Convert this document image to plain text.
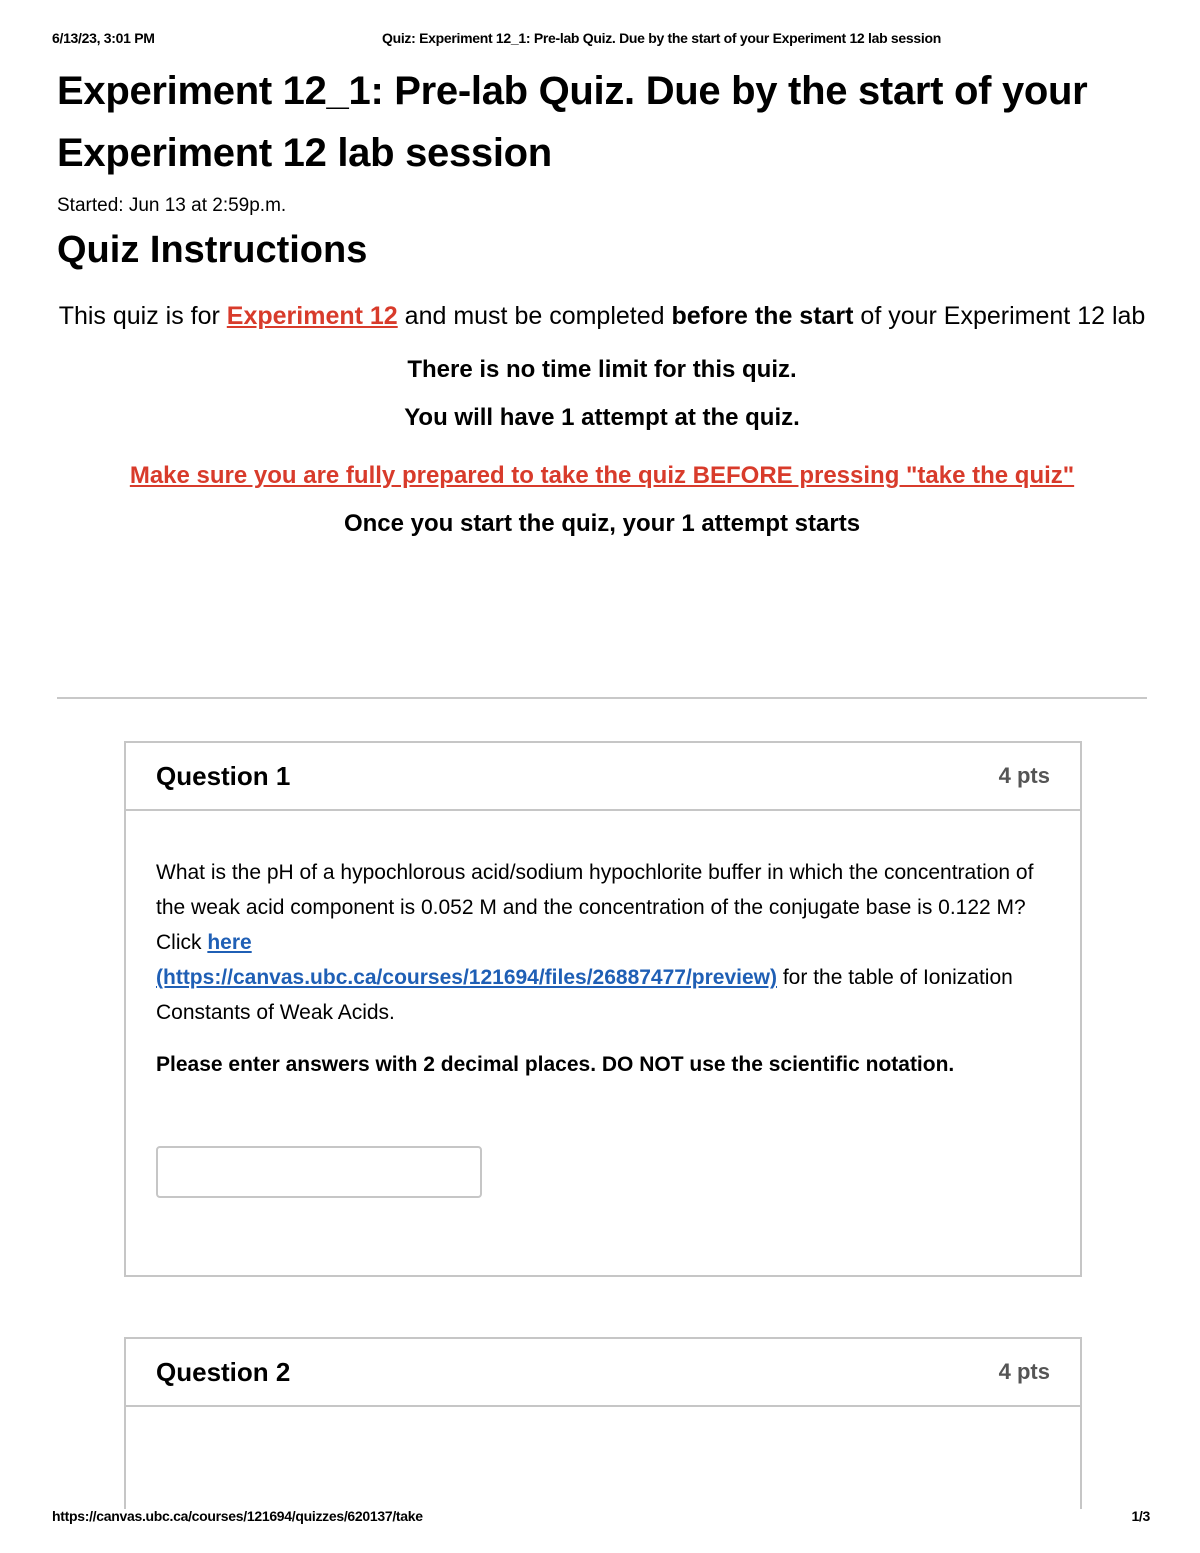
6/13/23, 3:01 PM	Quiz: Experiment 12_1: Pre-lab Quiz. Due by the start of your Experiment 12 lab session
Experiment 12_1: Pre-lab Quiz. Due by the start of your Experiment 12 lab session
Started: Jun 13 at 2:59p.m.
Quiz Instructions

This quiz is for Experiment 12 and must be completed before the start of your Experiment 12 lab

There is no time limit for this quiz.

You will have 1 attempt at the quiz.

Make sure you are fully prepared to take the quiz BEFORE pressing "take the quiz"

Once you start the quiz, your 1 attempt starts

Question 1	4 pts

What is the pH of a hypochlorous acid/sodium hypochlorite buffer in which the concentration of the weak acid component is 0.052 M and the concentration of the conjugate base is 0.122 M? Click here
(https://canvas.ubc.ca/courses/121694/files/26887477/preview) for the table of Ionization Constants of Weak Acids.

Please enter answers with 2 decimal places. DO NOT use the scientific notation.

Question 2	4 pts
https://canvas.ubc.ca/courses/121694/quizzes/620137/take	1/3
